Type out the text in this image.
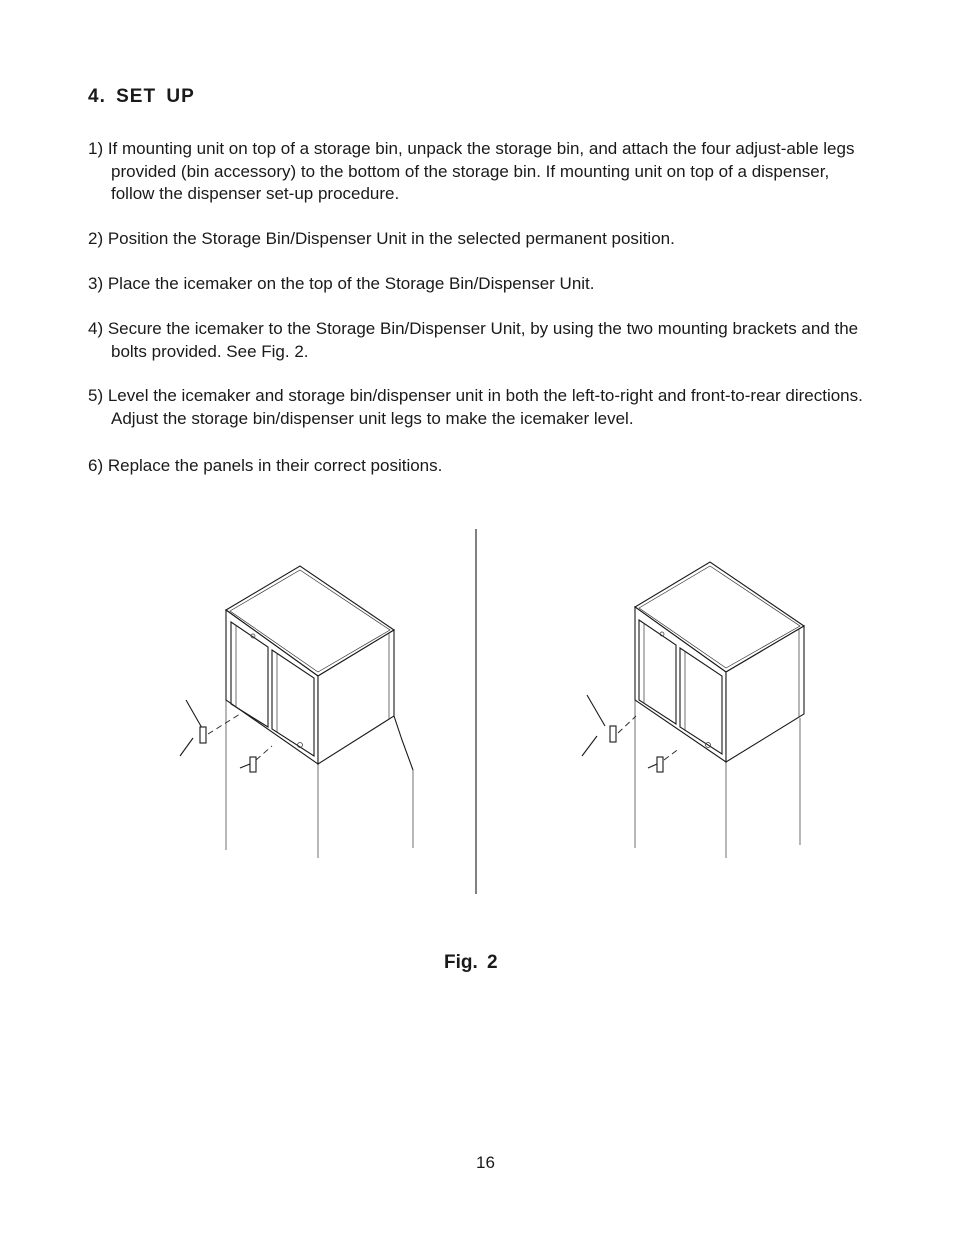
4. SET UP

1) If mounting unit on top of a storage bin, unpack the storage bin, and attach the four adjust-able legs provided (bin accessory) to the bottom of the storage bin. If mounting unit on top of a dispenser, follow the dispenser set-up procedure.

2) Position the Storage Bin/Dispenser Unit in the selected permanent position.

3) Place the icemaker on the top of the Storage Bin/Dispenser Unit.

4) Secure the icemaker to the Storage Bin/Dispenser Unit, by using the two mounting brackets and the bolts provided. See Fig. 2.

5) Level the icemaker and storage bin/dispenser unit in both the left-to-right and front-to-rear directions. Adjust the storage bin/dispenser unit legs to make the icemaker level.

6) Replace the panels in their correct positions.

Fig. 2
16
